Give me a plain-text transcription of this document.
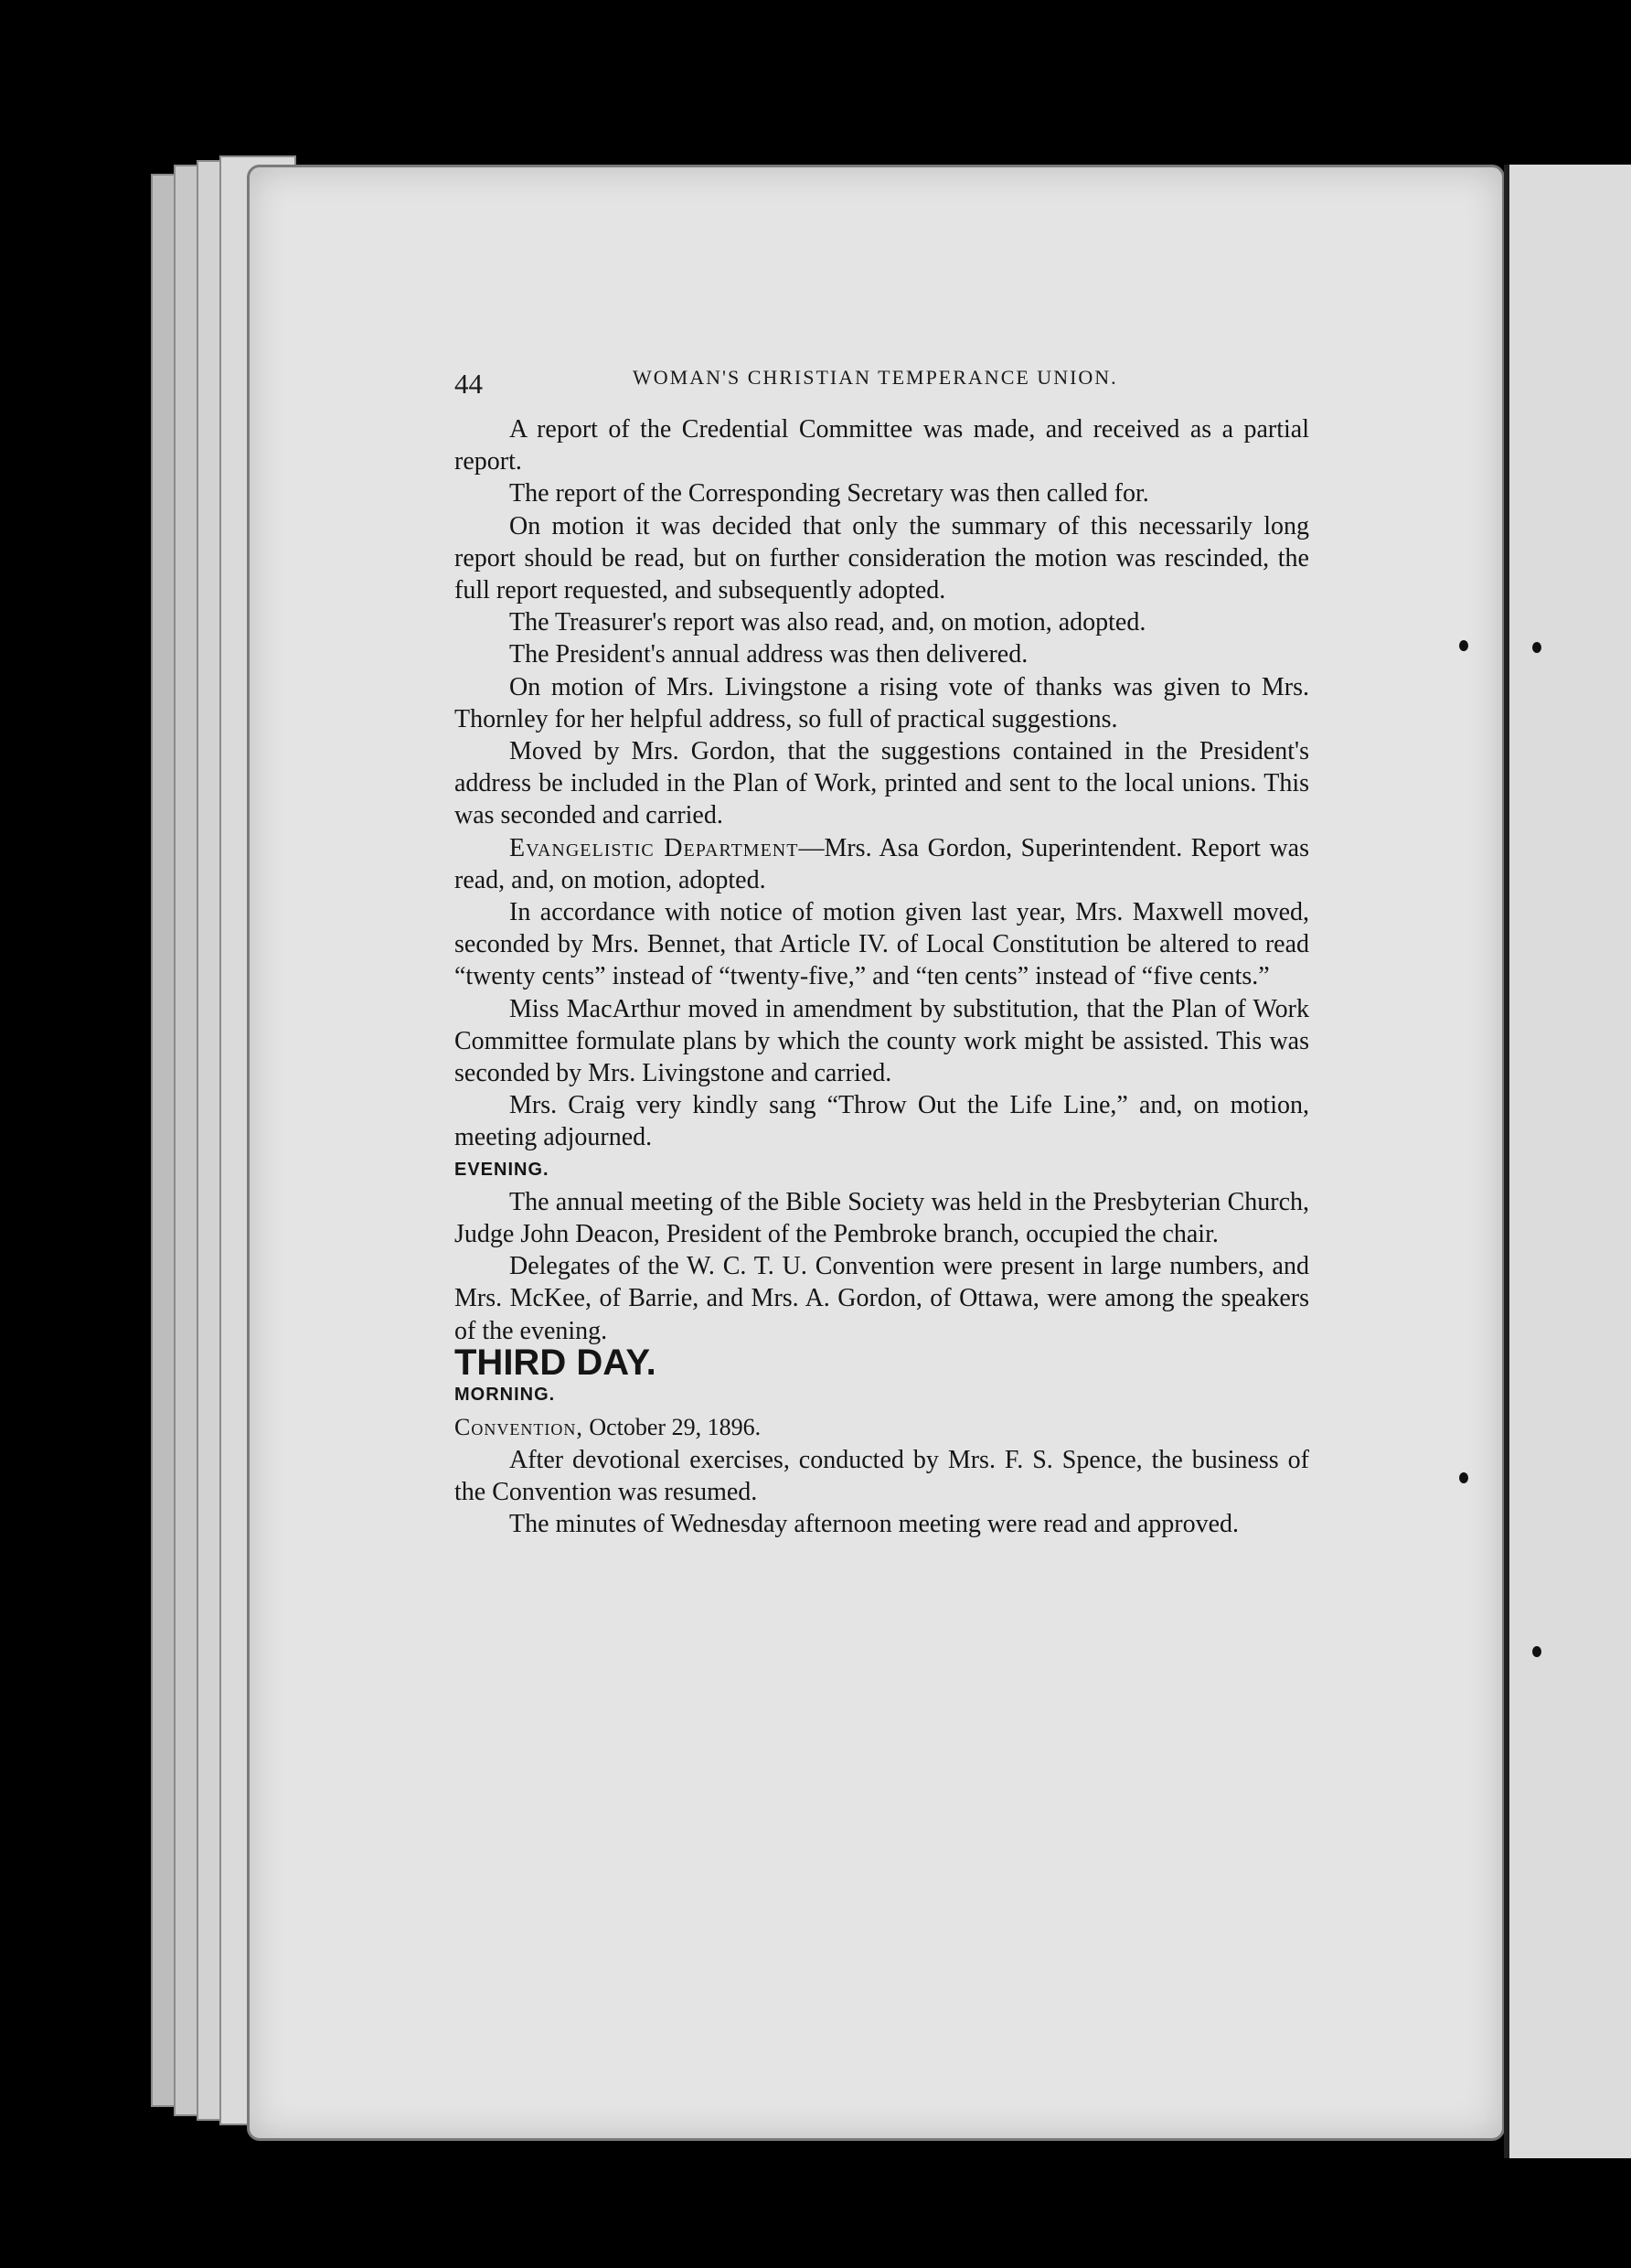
44	WOMAN'S CHRISTIAN TEMPERANCE UNION.

A report of the Credential Committee was made, and received as a partial report.

The report of the Corresponding Secretary was then called for.

On motion it was decided that only the summary of this necessarily long report should be read, but on further consideration the motion was rescinded, the full report requested, and subsequently adopted.

The Treasurer's report was also read, and, on motion, adopted.

The President's annual address was then delivered.

On motion of Mrs. Livingstone a rising vote of thanks was given to Mrs. Thornley for her helpful address, so full of practical suggestions.

Moved by Mrs. Gordon, that the suggestions contained in the President's address be included in the Plan of Work, printed and sent to the local unions. This was seconded and carried.

Evangelistic Department—Mrs. Asa Gordon, Superintendent. Report was read, and, on motion, adopted.

In accordance with notice of motion given last year, Mrs. Maxwell moved, seconded by Mrs. Bennet, that Article IV. of Local Constitution be altered to read “twenty cents” instead of “twenty-five,” and “ten cents” instead of “five cents.”

Miss MacArthur moved in amendment by substitution, that the Plan of Work Committee formulate plans by which the county work might be assisted. This was seconded by Mrs. Livingstone and carried.

Mrs. Craig very kindly sang “Throw Out the Life Line,” and, on motion, meeting adjourned.

EVENING.

The annual meeting of the Bible Society was held in the Presbyterian Church, Judge John Deacon, President of the Pembroke branch, occupied the chair.

Delegates of the W. C. T. U. Convention were present in large numbers, and Mrs. McKee, of Barrie, and Mrs. A. Gordon, of Ottawa, were among the speakers of the evening.

THIRD DAY.

MORNING.

Convention, October 29, 1896.

After devotional exercises, conducted by Mrs. F. S. Spence, the business of the Convention was resumed.

The minutes of Wednesday afternoon meeting were read and approved.
